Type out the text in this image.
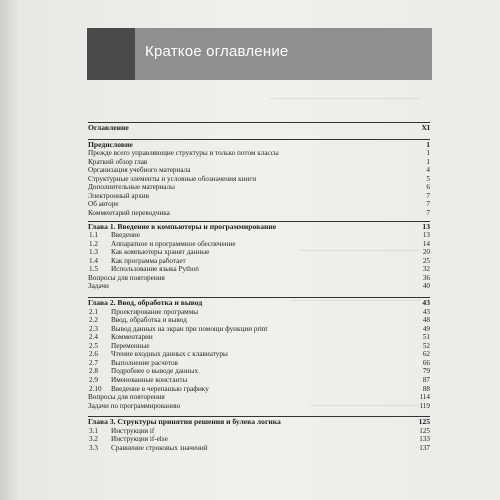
Краткое оглавление
Оглавление	XI
Предисловие	1
Прежде всего управляющие структуры и только потом классы	1
Краткий обзор глав	1
Организация учебного материала	4
Структурные элементы и условные обозначения книги	5
Дополнительные материалы	6
Электронный архив	7
Об авторе	7
Комментарий переводчика	7
Глава 1. Введение в компьютеры и программирование	13
1.1 Введение	13
1.2 Аппаратное и программное обеспечение	14
1.3 Как компьютеры хранят данные	20
1.4 Как программа работает	25
1.5 Использование языка Python	32
Вопросы для повторения	36
Задачи	40
Глава 2. Ввод, обработка и вывод	43
2.1 Проектирование программы	43
2.2 Ввод, обработка и вывод	48
2.3 Вывод данных на экран при помощи функции print	49
2.4 Комментарии	51
2.5 Переменные	52
2.6 Чтение входных данных с клавиатуры	62
2.7 Выполнение расчетов	66
2.8 Подробнее о выводе данных	79
2.9 Именованные константы	87
2.10 Введение в черепашью графику	88
Вопросы для повторения	114
Задачи по программированию	119
Глава 3. Структуры принятия решения и булева логика	125
3.1 Инструкция if	125
3.2 Инструкция if-else	133
3.3 Сравнение строковых значений	137
